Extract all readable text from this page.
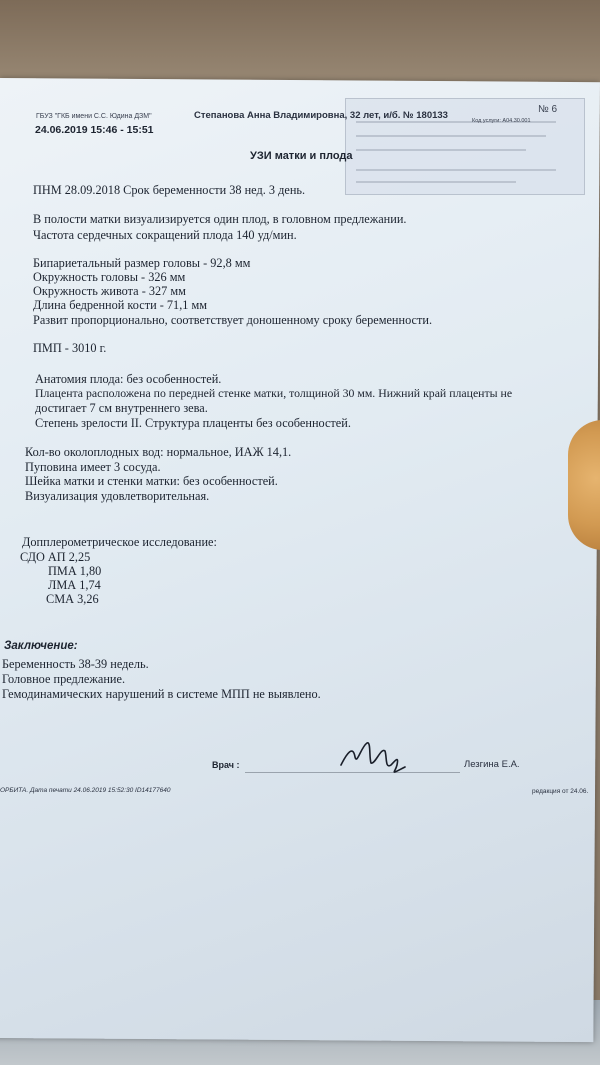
ГБУЗ "ГКБ имени С.С. Юдина ДЗМ"
24.06.2019 15:46 - 15:51
Степанова Анна Владимировна, 32 лет, и/б. № 180133
№ 6
Код услуги: А04.30.001
УЗИ матки и плода
ПНМ 28.09.2018 Срок беременности 38 нед. 3 день.
В полости матки визуализируется один плод, в головном предлежании.
Частота сердечных сокращений плода 140 уд/мин.
Бипариетальный размер головы - 92,8 мм
Окружность головы - 326 мм
Окружность живота - 327 мм
Длина бедренной кости - 71,1 мм
Развит пропорционально, соответствует доношенному сроку беременности.
ПМП - 3010 г.
Анатомия плода: без особенностей.
Плацента расположена по передней стенке матки, толщиной 30 мм. Нижний край плаценты не
достигает 7 см внутреннего зева.
Степень зрелости II. Структура плаценты без особенностей.
Кол-во околоплодных вод: нормальное, ИАЖ 14,1.
Пуповина имеет 3 сосуда.
Шейка матки и стенки матки: без особенностей.
Визуализация удовлетворительная.
Допплерометрическое исследование:
СДО АП 2,25
ПМА 1,80
ЛМА 1,74
СМА 3,26
Заключение:
Беременность 38-39 недель.
Головное предлежание.
Гемодинамических нарушений в системе МПП не выявлено.
Врач :	Лезгина Е.А.
ОРБИТА. Дата печати 24.06.2019 15:52:30 ID14177640	редакция от 24.06.
